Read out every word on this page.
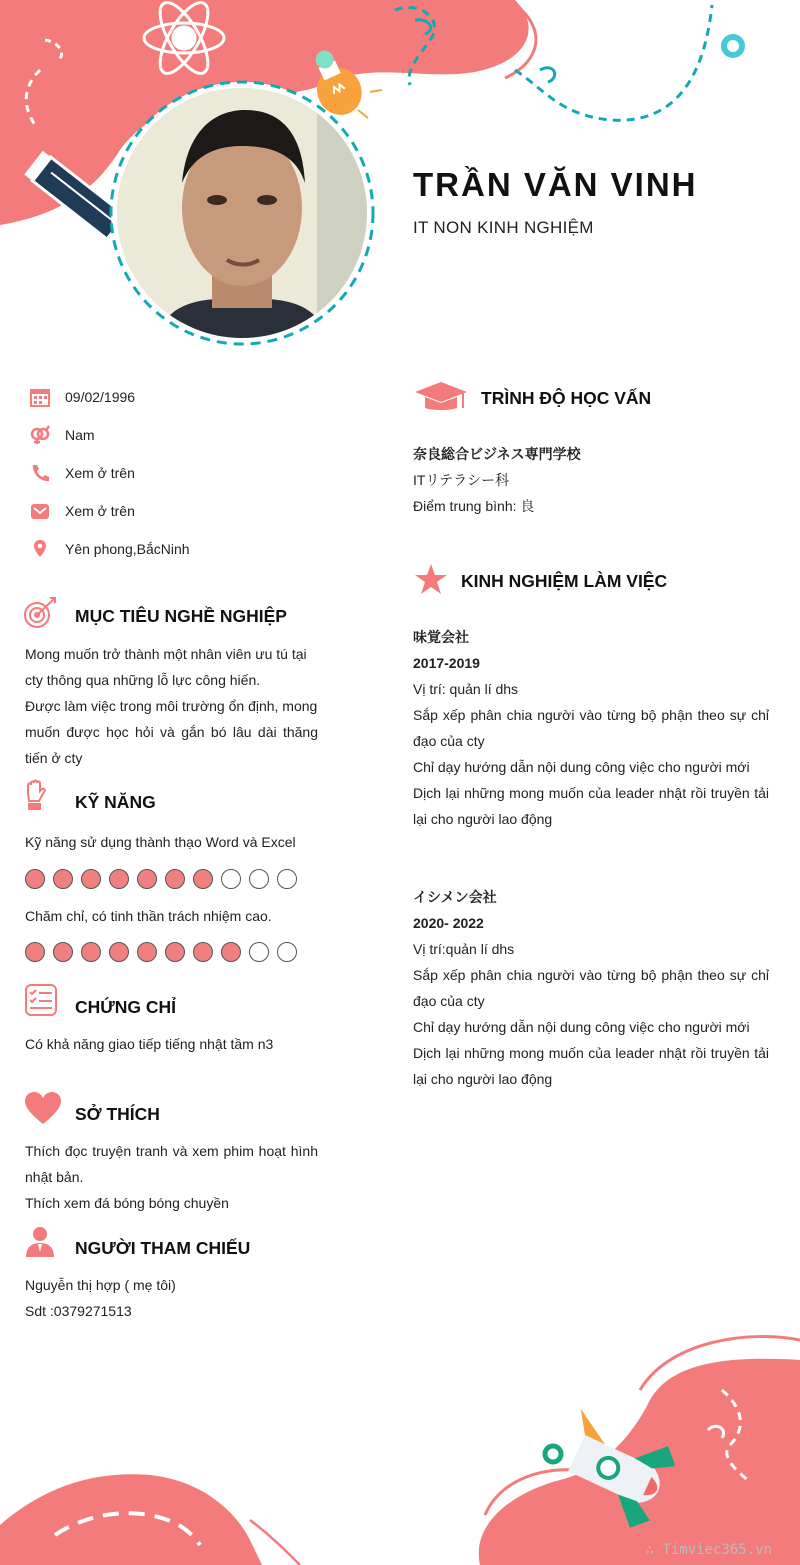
TRẦN VĂN VINH
IT NON KINH NGHIỆM
09/02/1996
Nam
Xem ở trên
Xem ở trên
Yên phong,BắcNinh
MỤC TIÊU NGHỀ NGHIỆP
Mong muốn trở thành một nhân viên ưu tú tại
cty thông qua những lỗ lực công hiến.
Được làm việc trong môi trường ổn định, mong
muốn được học hỏi và gắn bó lâu dài thăng
tiến ở cty
KỸ NĂNG
Kỹ năng sử dụng thành thạo Word và Excel
Chăm chỉ, có tinh thần trách nhiệm cao.
CHỨNG CHỈ
Có khả năng giao tiếp tiếng nhật tầm n3
SỞ THÍCH
Thích đọc truyện tranh và xem phim hoạt hình
nhật bản.
Thích xem đá bóng bóng chuyền
NGƯỜI THAM CHIẾU
Nguyễn thị hợp ( mẹ tôi)
Sdt :0379271513
TRÌNH ĐỘ HỌC VẤN
奈良総合ビジネス専門学校
ITリテラシー科
Điểm trung bình: 良
KINH NGHIỆM LÀM VIỆC
味覚会社
2017-2019
Vị trí: quản lí dhs
Sắp xếp phân chia người vào từng bộ phận theo sự chỉ
đạo của cty
Chỉ dạy hướng dẫn nội dung công việc cho người mới
Dịch lại những mong muốn của leader nhật rồi truyền tải
lại cho người lao động
イシメン会社
2020- 2022
Vị trí:quản lí dhs
Sắp xếp phân chia người vào từng bộ phận theo sự chỉ
đạo của cty
Chỉ dạy hướng dẫn nội dung công việc cho người mới
Dịch lại những mong muốn của leader nhật rồi truyền tải
lại cho người lao động
∴ Timviec365.vn
